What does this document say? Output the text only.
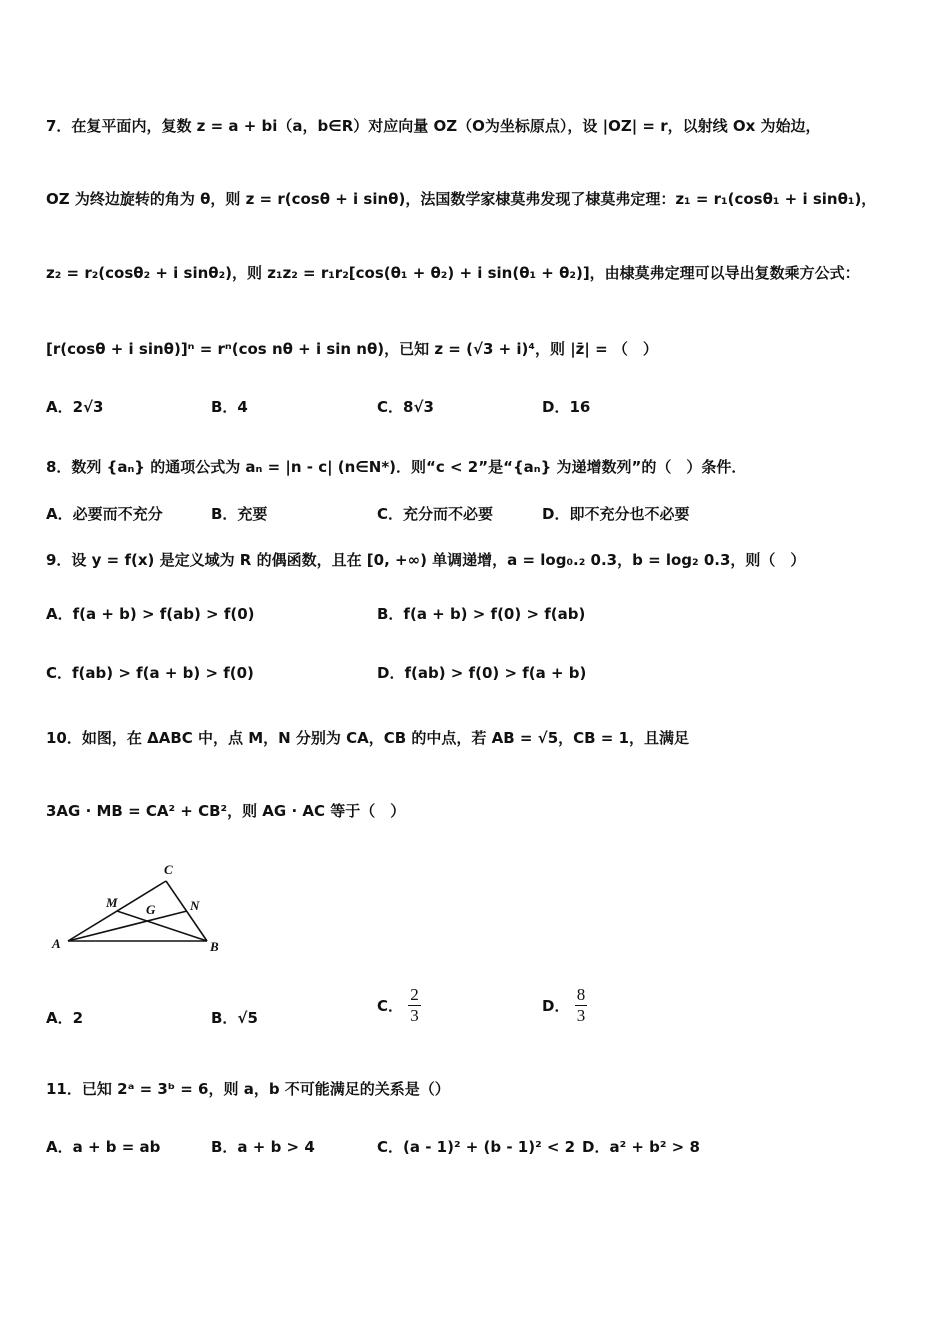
7．在复平面内，复数 z = a + bi（a，b∈R）对应向量 OZ（O为坐标原点），设 |OZ| = r，以射线 Ox 为始边，
OZ 为终边旋转的角为 θ，则 z = r(cosθ + i sinθ)，法国数学家棣莫弗发现了棣莫弗定理：z₁ = r₁(cosθ₁ + i sinθ₁)，
z₂ = r₂(cosθ₂ + i sinθ₂)，则 z₁z₂ = r₁r₂[cos(θ₁ + θ₂) + i sin(θ₁ + θ₂)]，由棣莫弗定理可以导出复数乘方公式：
[r(cosθ + i sinθ)]ⁿ = rⁿ(cos nθ + i sin nθ)，已知 z = (√3 + i)⁴，则 |z̄| = （　）
A．2√3	B．4	C．8√3	D．16
8．数列 {aₙ} 的通项公式为 aₙ = |n - c| (n∈N*)．则“c < 2”是“{aₙ} 为递增数列”的（　）条件．
A．必要而不充分	B．充要	C．充分而不必要	D．即不充分也不必要
9．设 y = f(x) 是定义域为 R 的偶函数，且在 [0, +∞) 单调递增，a = log₀.₂ 0.3，b = log₂ 0.3，则（　）
A．f(a + b) > f(ab) > f(0)	B．f(a + b) > f(0) > f(ab)
C．f(ab) > f(a + b) > f(0)	D．f(ab) > f(0) > f(a + b)
10．如图，在 ΔABC 中，点 M，N 分别为 CA，CB 的中点，若 AB = √5，CB = 1，且满足
3AG · MB = CA² + CB²，则 AG · AC 等于（　）
A	B
C
M	N
G
A．2	B．√5
C． $\frac{2}{3}$	D． $\frac{8}{3}$
11．已知 2ᵃ = 3ᵇ = 6，则 a，b 不可能满足的关系是（）
A．a + b = ab	B．a + b > 4	C．(a - 1)² + (b - 1)² < 2 D．a² + b² > 8
